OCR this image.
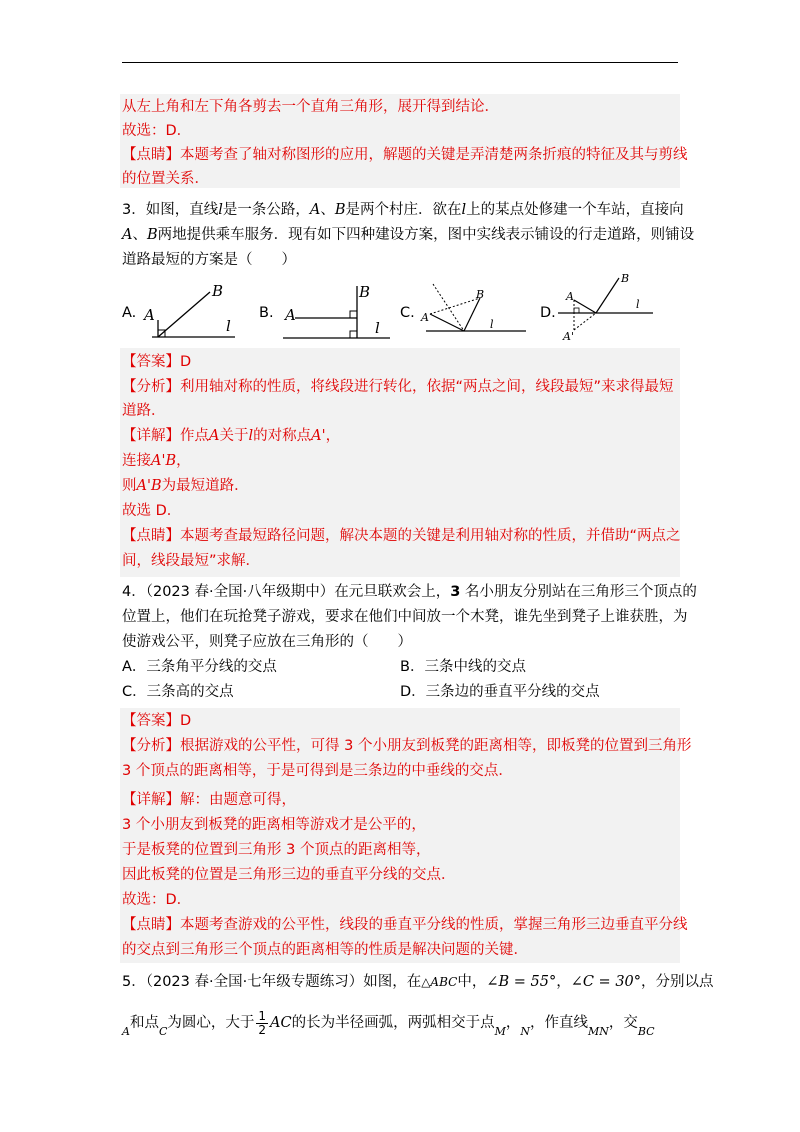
从左上角和左下角各剪去一个直角三角形，展开得到结论．
故选：D．
【点睛】本题考查了轴对称图形的应用，解题的关键是弄清楚两条折痕的特征及其与剪线
的位置关系．
3．如图，直线l是一条公路，A、B是两个村庄．欲在l上的某点处修建一个车站，直接向
A、B两地提供乘车服务．现有如下四种建设方案，图中实线表示铺设的行走道路，则铺设
道路最短的方案是（　　）
A. A
B
l
B. A
B
l
C. A
B
l
D.
A
B
l
A'
【答案】D
【分析】利用轴对称的性质，将线段进行转化，依据“两点之间，线段最短”来求得最短
道路．
【详解】作点A关于l的对称点A'，
连接A'B，
则A'B为最短道路．
故选 D．
【点睛】本题考查最短路径问题，解决本题的关键是利用轴对称的性质，并借助“两点之
间，线段最短”求解．
4．（2023 春·全国·八年级期中）在元旦联欢会上，3 名小朋友分别站在三角形三个顶点的
位置上，他们在玩抢凳子游戏，要求在他们中间放一个木凳，谁先坐到凳子上谁获胜，为
使游戏公平，则凳子应放在三角形的（　　）
A．三条角平分线的交点	B．三条中线的交点
C．三条高的交点	D．三条边的垂直平分线的交点
【答案】D
【分析】根据游戏的公平性，可得 3 个小朋友到板凳的距离相等，即板凳的位置到三角形
3 个顶点的距离相等，于是可得到是三条边的中垂线的交点．
【详解】解：由题意可得，
3 个小朋友到板凳的距离相等游戏才是公平的，
于是板凳的位置到三角形 3 个顶点的距离相等，
因此板凳的位置是三角形三边的垂直平分线的交点．
故选：D．
【点睛】本题考查游戏的公平性，线段的垂直平分线的性质，掌握三角形三边垂直平分线
的交点到三角形三个顶点的距离相等的性质是解决问题的关键．
5．（2023 春·全国·七年级专题练习）如图，在△ABC中，∠B = 55°，∠C = 30°，分别以点
$_A$和点$_C$为圆心，大于 $\frac{1}{2}$ AC的长为半径画弧，两弧相交于点$_M$，$_N$，作直线$_{MN}$，交$_{BC}$
